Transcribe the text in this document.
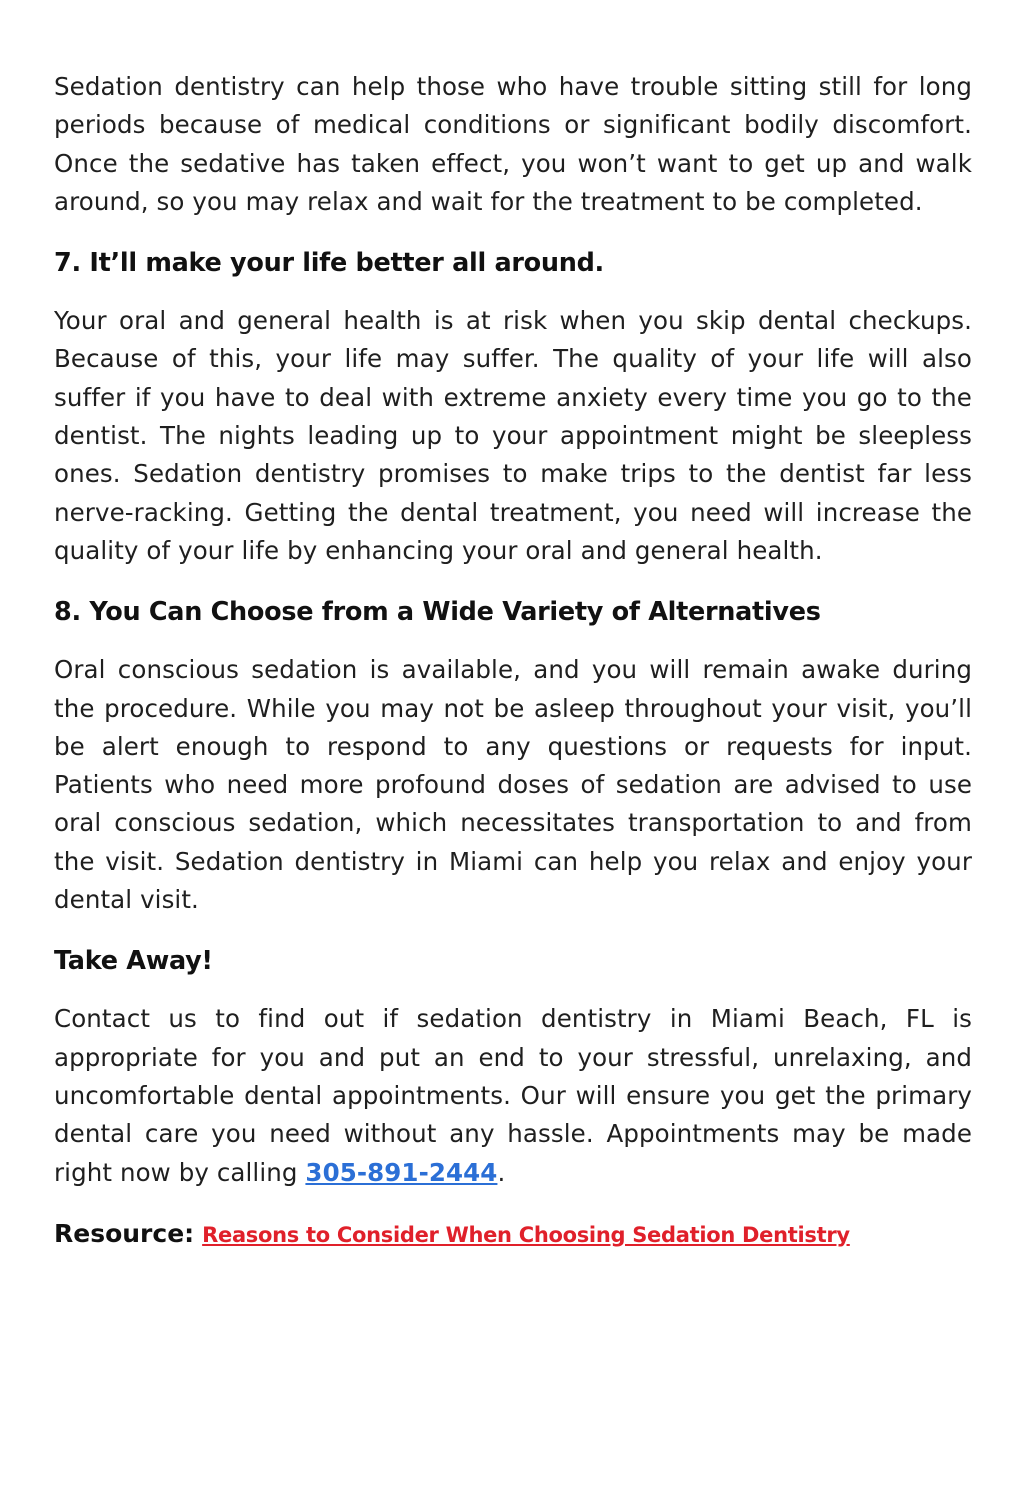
Sedation dentistry can help those who have trouble sitting still for long periods because of medical conditions or significant bodily discomfort. Once the sedative has taken effect, you won’t want to get up and walk around, so you may relax and wait for the treatment to be completed.

7. It’ll make your life better all around.

Your oral and general health is at risk when you skip dental checkups. Because of this, your life may suffer. The quality of your life will also suffer if you have to deal with extreme anxiety every time you go to the dentist. The nights leading up to your appointment might be sleepless ones. Sedation dentistry promises to make trips to the dentist far less nerve-racking. Getting the dental treatment, you need will increase the quality of your life by enhancing your oral and general health.

8. You Can Choose from a Wide Variety of Alternatives

Oral conscious sedation is available, and you will remain awake during the procedure. While you may not be asleep throughout your visit, you’ll be alert enough to respond to any questions or requests for input. Patients who need more profound doses of sedation are advised to use oral conscious sedation, which necessitates transportation to and from the visit. Sedation dentistry in Miami can help you relax and enjoy your dental visit.

Take Away!

Contact us to find out if sedation dentistry in Miami Beach, FL is appropriate for you and put an end to your stressful, unrelaxing, and uncomfortable dental appointments. Our will ensure you get the primary dental care you need without any hassle. Appointments may be made right now by calling 305-891-2444.

Resource: Reasons to Consider When Choosing Sedation Dentistry
